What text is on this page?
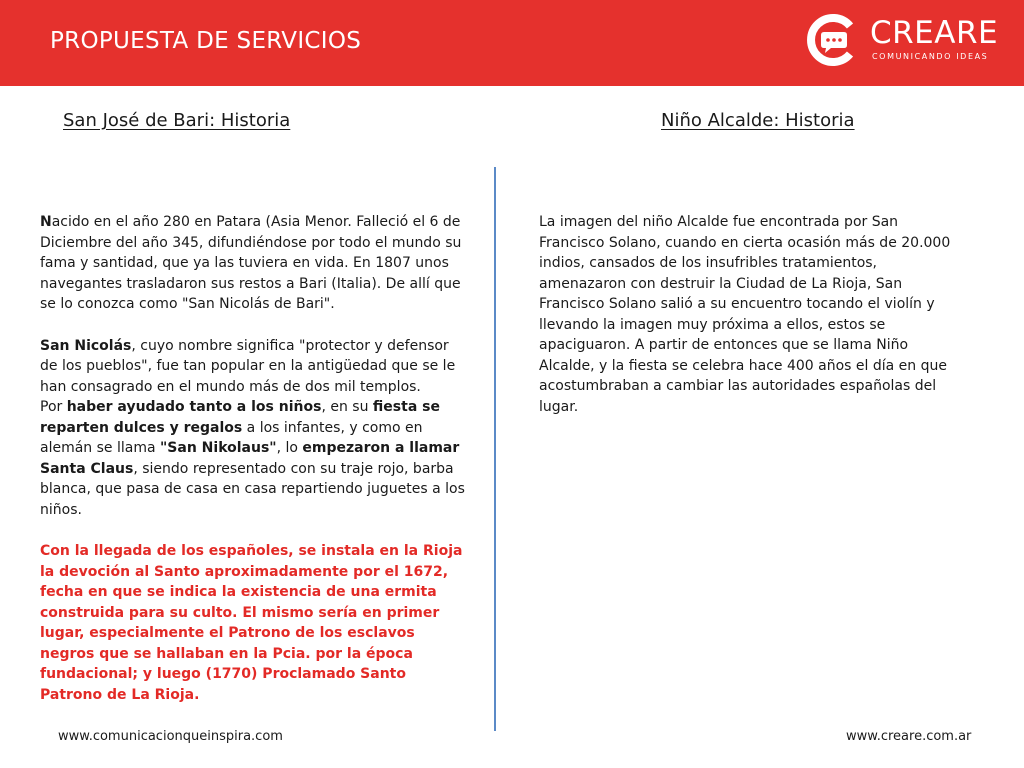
PROPUESTA DE SERVICIOS	CREARE
COMUNICANDO IDEAS
San José de Bari: Historia	Niño Alcalde: Historia

Nacido en el año 280 en Patara (Asia Menor. Falleció el 6 de Diciembre del año 345, difundiéndose por todo el mundo su fama y santidad, que ya las tuviera en vida. En 1807 unos navegantes trasladaron sus restos a Bari (Italia). De allí que se lo conozca como "San Nicolás de Bari".

San Nicolás, cuyo nombre significa "protector y defensor de los pueblos", fue tan popular en la antigüedad que se le han consagrado en el mundo más de dos mil templos.
Por haber ayudado tanto a los niños, en su fiesta se reparten dulces y regalos a los infantes, y como en alemán se llama "San Nikolaus", lo empezaron a llamar Santa Claus, siendo representado con su traje rojo, barba blanca, que pasa de casa en casa repartiendo juguetes a los niños.

Con la llegada de los españoles, se instala en la Rioja la devoción al Santo aproximadamente por el 1672, fecha en que se indica la existencia de una ermita construida para su culto. El mismo sería en primer lugar, especialmente el Patrono de los esclavos negros que se hallaban en la Pcia. por la época fundacional; y luego (1770) Proclamado Santo Patrono de La Rioja.

La imagen del niño Alcalde fue encontrada por San Francisco Solano, cuando en cierta ocasión más de 20.000 indios, cansados de los insufribles tratamientos, amenazaron con destruir la Ciudad de La Rioja, San Francisco Solano salió a su encuentro tocando el violín y llevando la imagen muy próxima a ellos, estos se apaciguaron. A partir de entonces que se llama Niño Alcalde, y la fiesta se celebra hace 400 años el día en que acostumbraban a cambiar las autoridades españolas del lugar.

www.comunicacionqueinspira.com	www.creare.com.ar
